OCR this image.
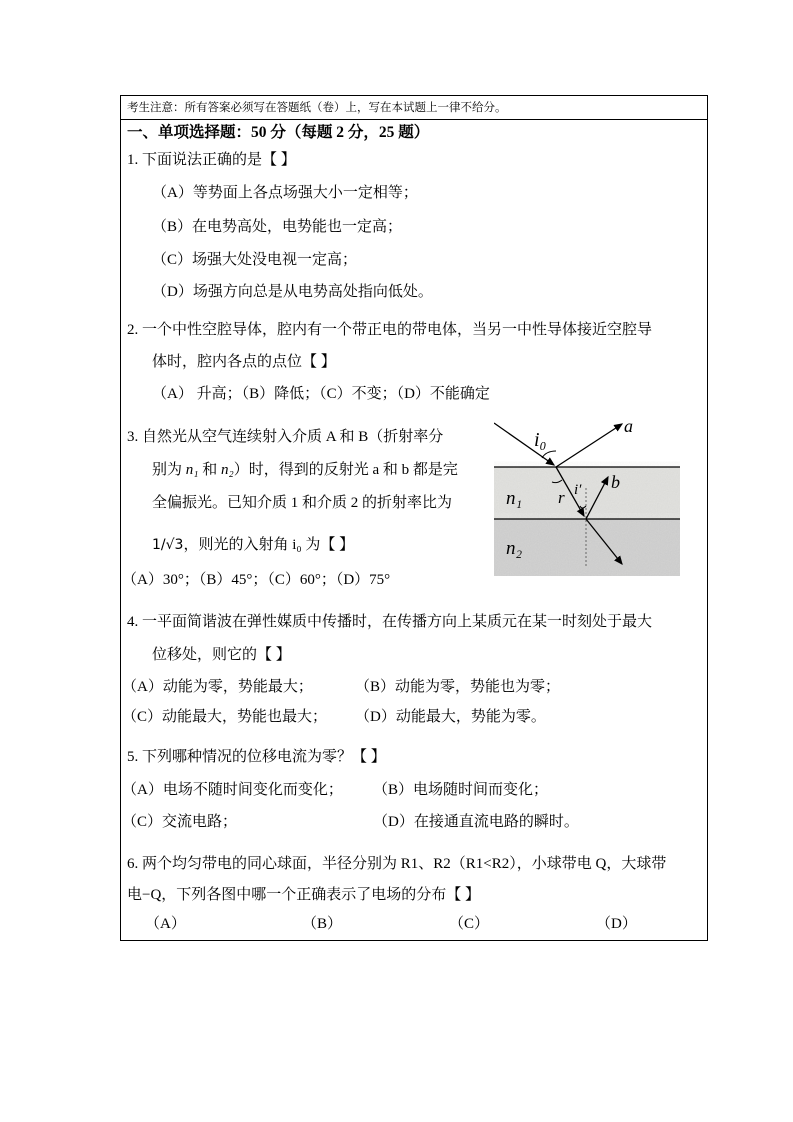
考生注意：所有答案必须写在答题纸（卷）上，写在本试题上一律不给分。
一、单项选择题：50 分（每题 2 分，25 题）
1. 下面说法正确的是【 】
（A）等势面上各点场强大小一定相等；
（B）在电势高处，电势能也一定高；
（C）场强大处没电视一定高；
（D）场强方向总是从电势高处指向低处。
2. 一个中性空腔导体，腔内有一个带正电的带电体，当另一中性导体接近空腔导
体时，腔内各点的点位【 】
（A） 升高；（B）降低；（C）不变；（D）不能确定
3. 自然光从空气连续射入介质 A 和 B（折射率分
别为 n₁ 和 n₂）时，得到的反射光 a 和 b 都是完
全偏振光。已知介质 1 和介质 2 的折射率比为
1/√3，则光的入射角 i₀ 为【 】
（A）30°；（B）45°；（C）60°；（D）75°
i₀
a
b
r i′
n₁
n₂
4. 一平面简谐波在弹性媒质中传播时，在传播方向上某质元在某一时刻处于最大
位移处，则它的【 】
（A）动能为零，势能最大；	（B）动能为零，势能也为零；
（C）动能最大，势能也最大； （D）动能最大，势能为零。
5. 下列哪种情况的位移电流为零？【 】
（A）电场不随时间变化而变化； （B）电场随时间而变化；
（C）交流电路；	（D）在接通直流电路的瞬时。
6. 两个均匀带电的同心球面，半径分别为 R1、R2（R1<R2），小球带电 Q，大球带
电−Q，下列各图中哪一个正确表示了电场的分布【 】
（A）	（B）	（C）	（D）
